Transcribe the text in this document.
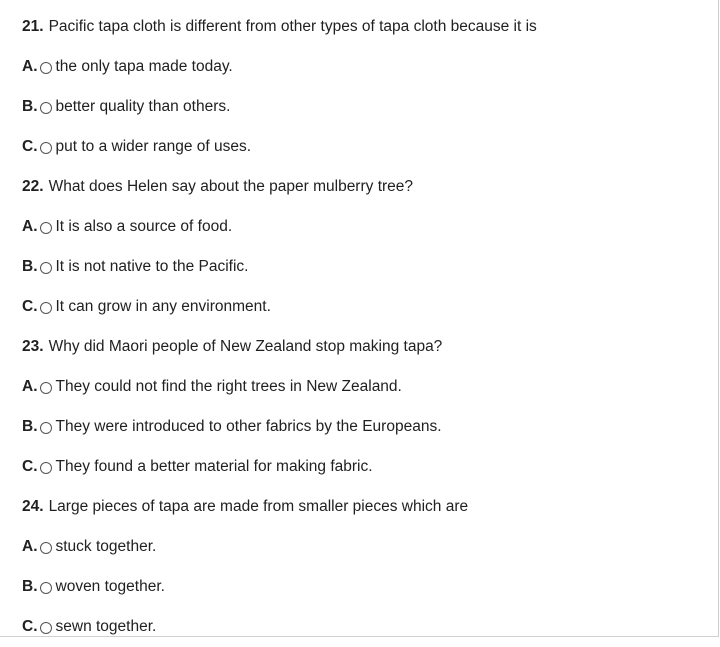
21. Pacific tapa cloth is different from other types of tapa cloth because it is
A. the only tapa made today.
B. better quality than others.
C. put to a wider range of uses.
22. What does Helen say about the paper mulberry tree?
A. It is also a source of food.
B. It is not native to the Pacific.
C. It can grow in any environment.
23. Why did Maori people of New Zealand stop making tapa?
A. They could not find the right trees in New Zealand.
B. They were introduced to other fabrics by the Europeans.
C. They found a better material for making fabric.
24. Large pieces of tapa are made from smaller pieces which are
A. stuck together.
B. woven together.
C. sewn together.
